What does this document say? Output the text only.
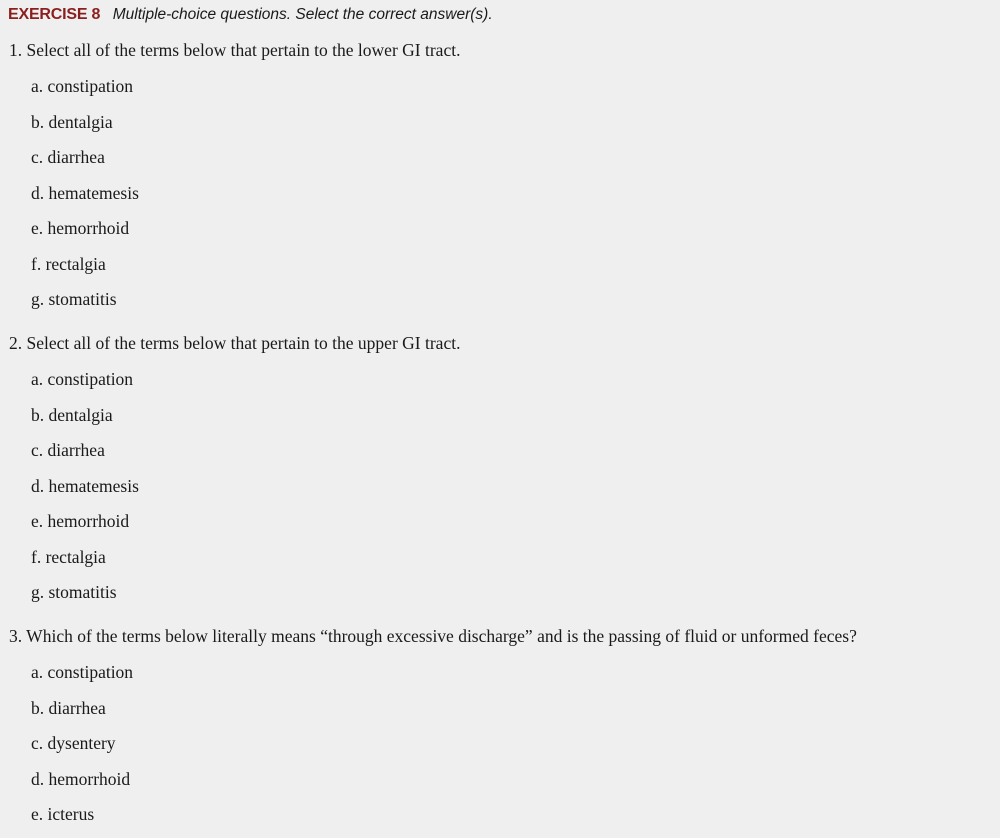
EXERCISE 8 Multiple-choice questions. Select the correct answer(s).
1. Select all of the terms below that pertain to the lower GI tract.
a. constipation
b. dentalgia
c. diarrhea
d. hematemesis
e. hemorrhoid
f. rectalgia
g. stomatitis
2. Select all of the terms below that pertain to the upper GI tract.
a. constipation
b. dentalgia
c. diarrhea
d. hematemesis
e. hemorrhoid
f. rectalgia
g. stomatitis
3. Which of the terms below literally means “through excessive discharge” and is the passing of fluid or unformed feces?
a. constipation
b. diarrhea
c. dysentery
d. hemorrhoid
e. icterus
